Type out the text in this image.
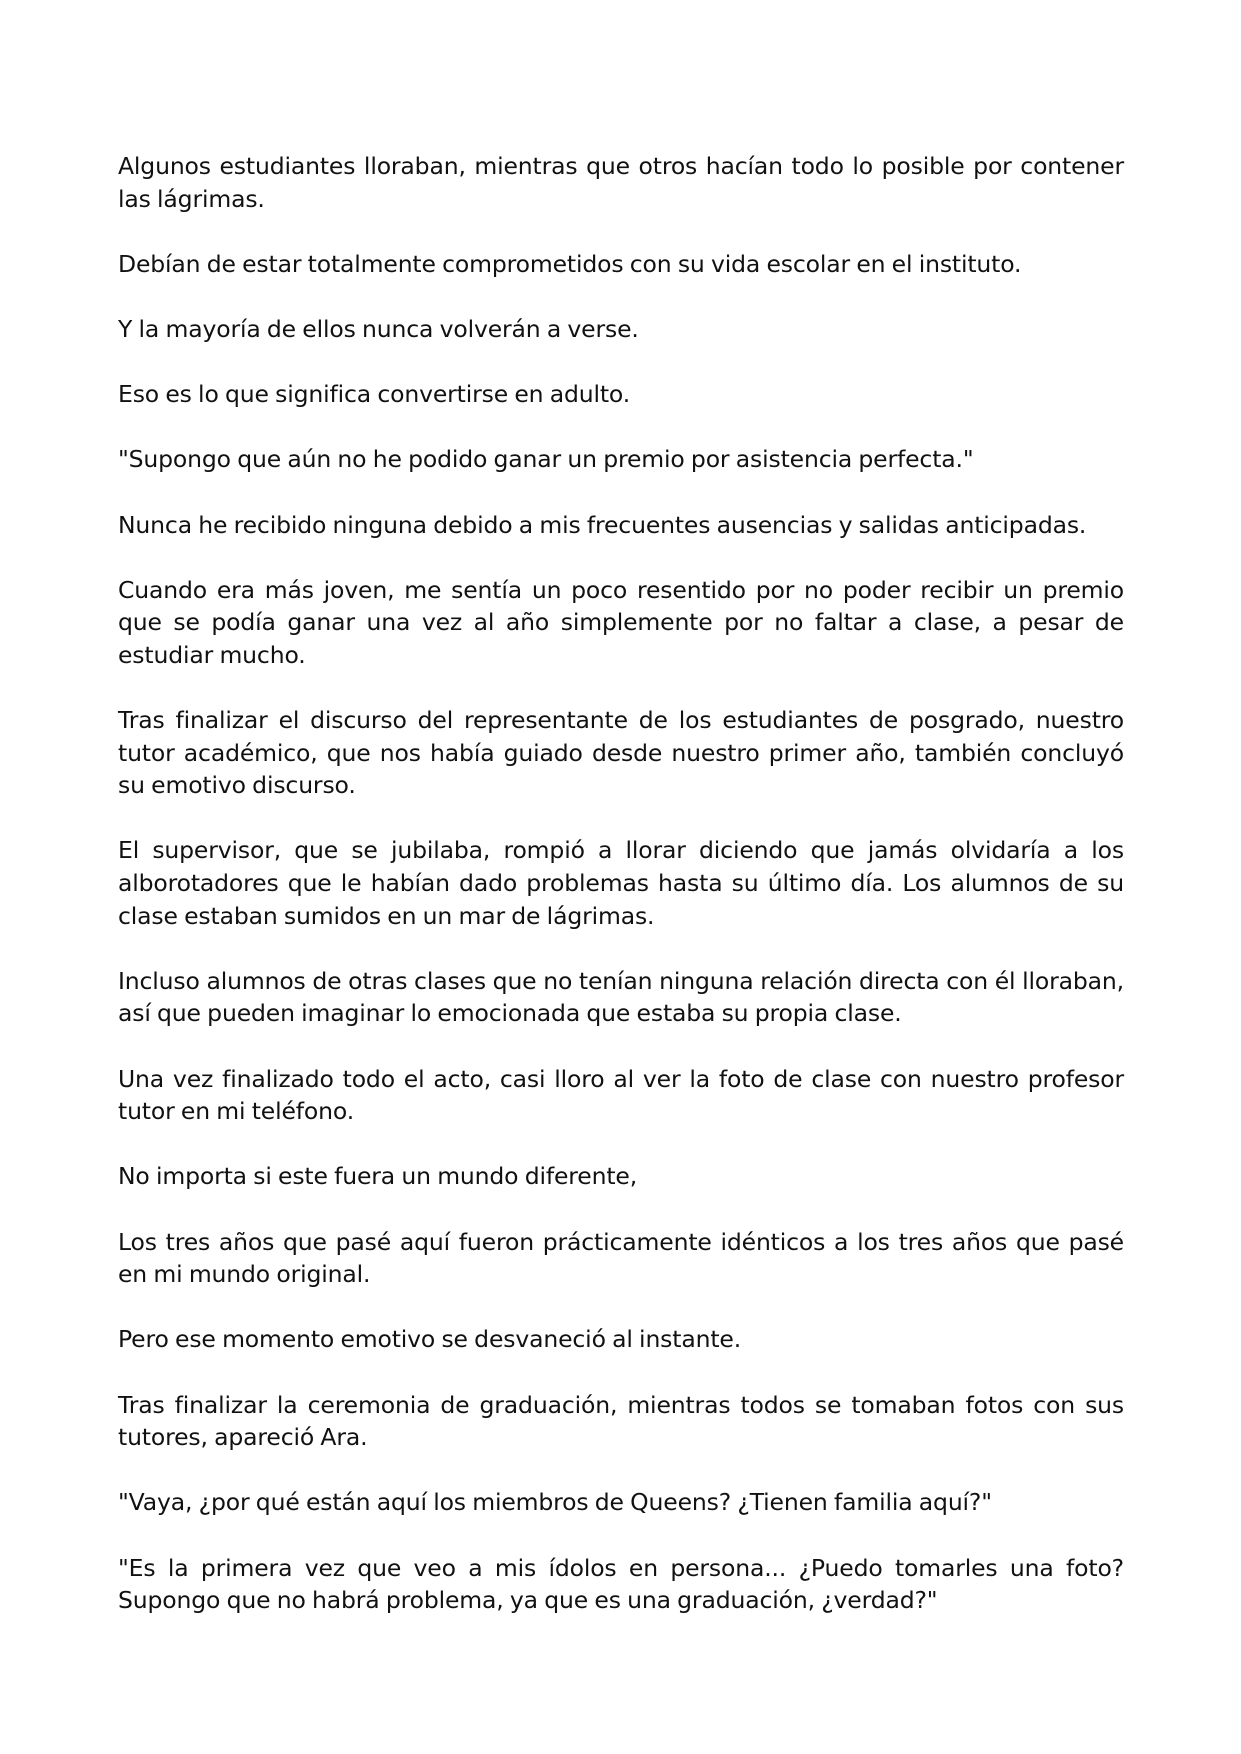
Algunos estudiantes lloraban, mientras que otros hacían todo lo posible por contener las lágrimas.

Debían de estar totalmente comprometidos con su vida escolar en el instituto.

Y la mayoría de ellos nunca volverán a verse.

Eso es lo que significa convertirse en adulto.

"Supongo que aún no he podido ganar un premio por asistencia perfecta."

Nunca he recibido ninguna debido a mis frecuentes ausencias y salidas anticipadas.

Cuando era más joven, me sentía un poco resentido por no poder recibir un premio que se podía ganar una vez al año simplemente por no faltar a clase, a pesar de estudiar mucho.

Tras finalizar el discurso del representante de los estudiantes de posgrado, nuestro tutor académico, que nos había guiado desde nuestro primer año, también concluyó su emotivo discurso.

El supervisor, que se jubilaba, rompió a llorar diciendo que jamás olvidaría a los alborotadores que le habían dado problemas hasta su último día. Los alumnos de su clase estaban sumidos en un mar de lágrimas.

Incluso alumnos de otras clases que no tenían ninguna relación directa con él lloraban, así que pueden imaginar lo emocionada que estaba su propia clase.

Una vez finalizado todo el acto, casi lloro al ver la foto de clase con nuestro profesor tutor en mi teléfono.

No importa si este fuera un mundo diferente,

Los tres años que pasé aquí fueron prácticamente idénticos a los tres años que pasé en mi mundo original.

Pero ese momento emotivo se desvaneció al instante.

Tras finalizar la ceremonia de graduación, mientras todos se tomaban fotos con sus tutores, apareció Ara.

"Vaya, ¿por qué están aquí los miembros de Queens? ¿Tienen familia aquí?"

"Es la primera vez que veo a mis ídolos en persona... ¿Puedo tomarles una foto? Supongo que no habrá problema, ya que es una graduación, ¿verdad?"
